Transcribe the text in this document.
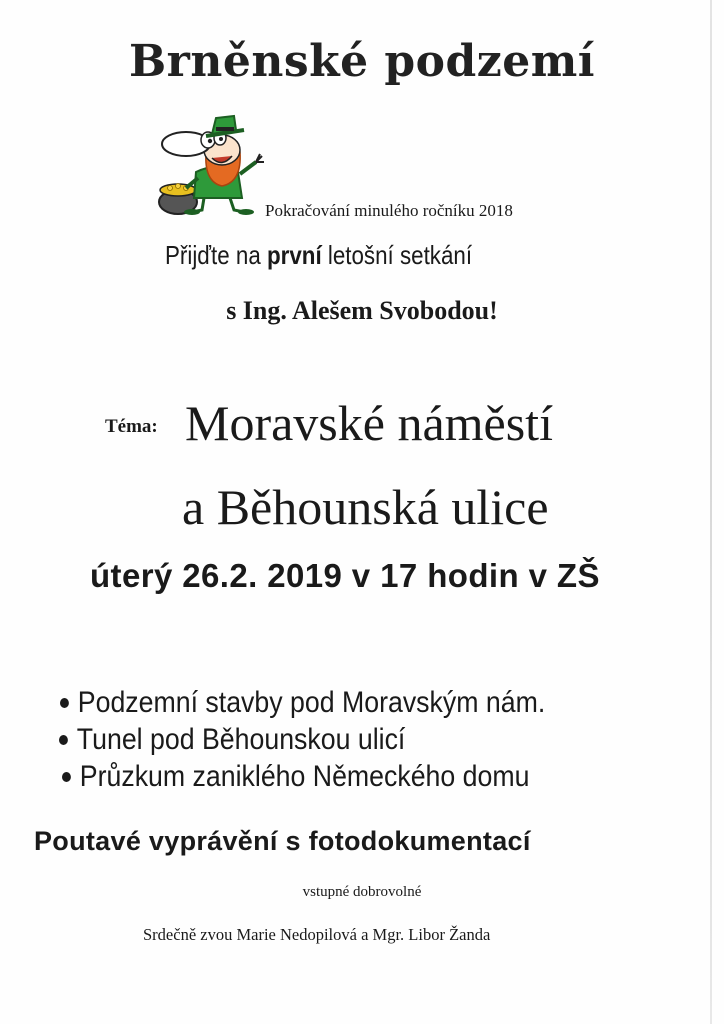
Brněnské podzemí
Pokračování minulého ročníku 2018
Přijďte na první letošní setkání
s Ing. Alešem Svobodou!
Téma: Moravské náměstí
a Běhounská ulice
úterý 26.2. 2019 v 17 hodin v ZŠ
Podzemní stavby pod Moravským nám.
Tunel pod Běhounskou ulicí
Průzkum zaniklého Německého domu
Poutavé vyprávění s fotodokumentací
vstupné dobrovolné
Srdečně zvou Marie Nedopilová a Mgr. Libor Žanda
